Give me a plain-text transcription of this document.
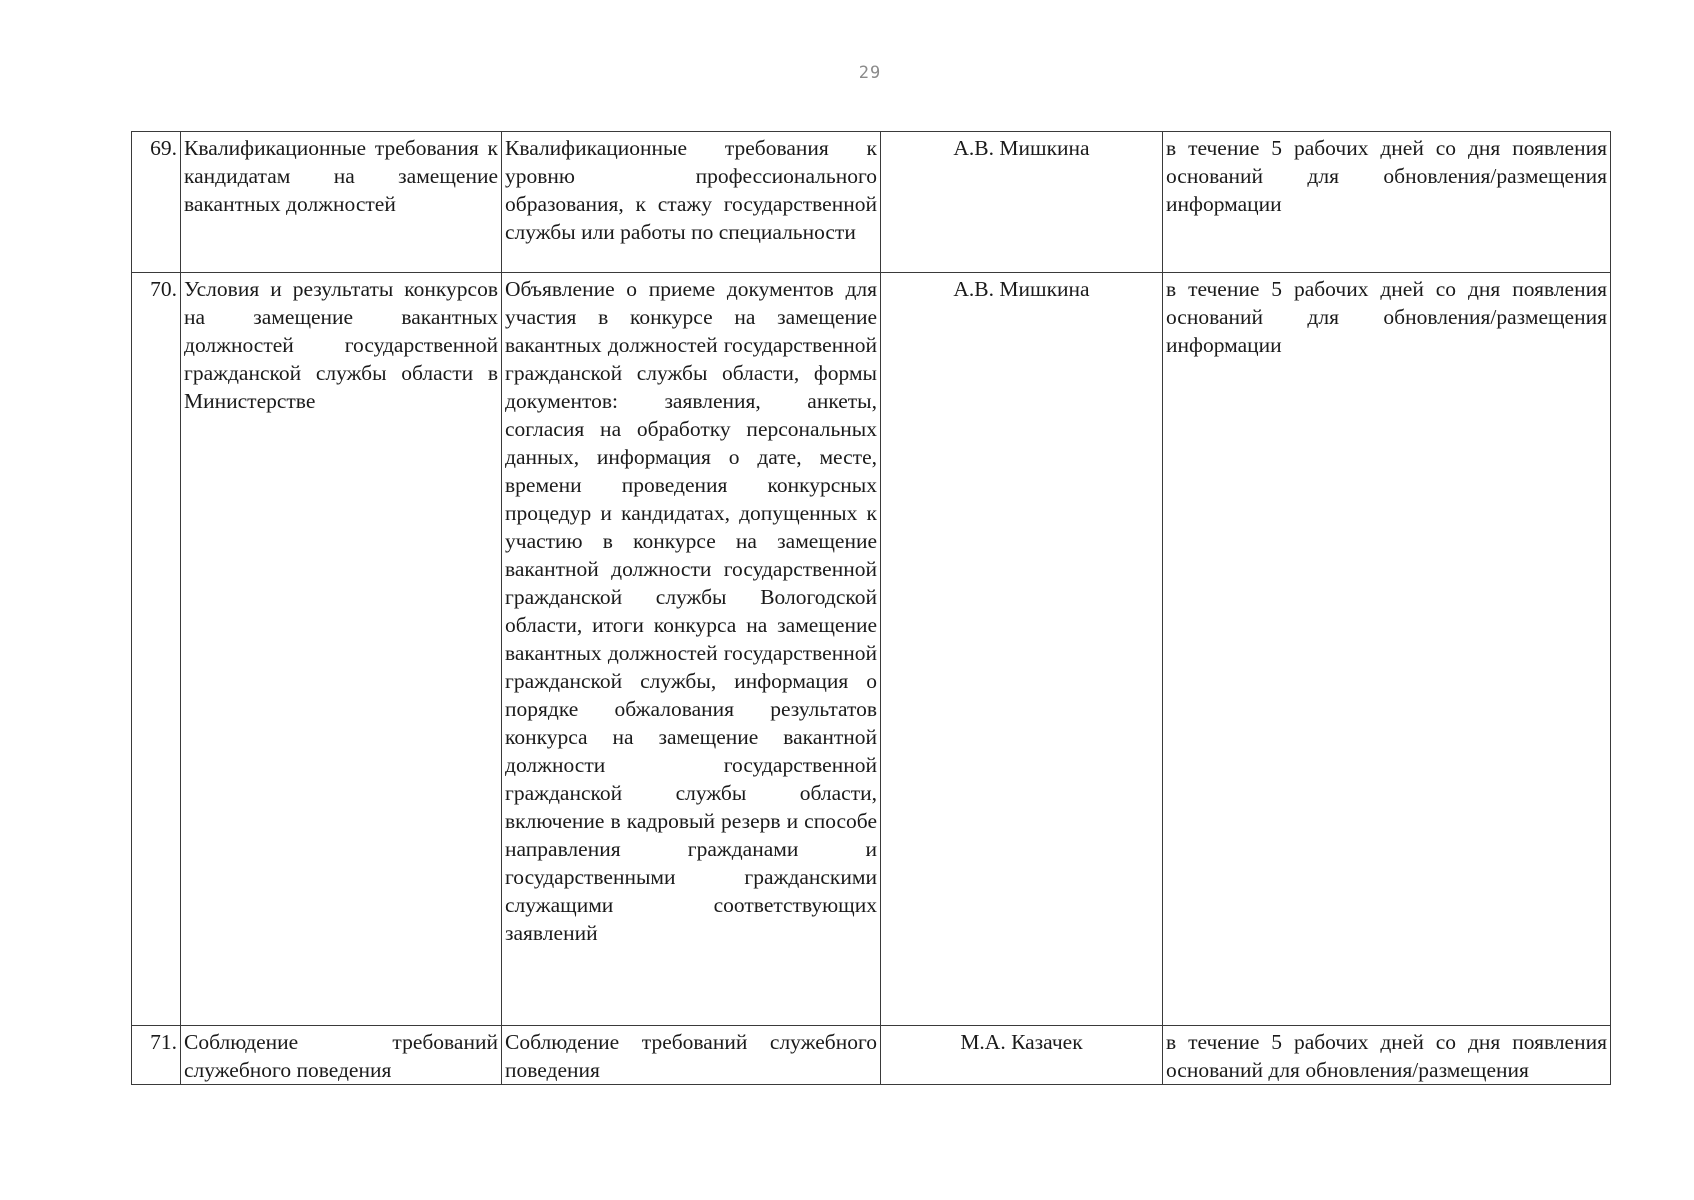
29
69.	Квалификационные требования к кандидатам на замещение вакантных должностей	Квалификационные требования к уровню профессионального образования, к стажу государственной службы или работы по специальности	А.В. Мишкина	в течение 5 рабочих дней со дня появления оснований для обновления/размещения информации
70.	Условия и результаты конкурсов на замещение вакантных должностей государственной гражданской службы области в Министерстве	Объявление о приеме документов для участия в конкурсе на замещение вакантных должностей государственной гражданской службы области, формы документов: заявления, анкеты, согласия на обработку персональных данных, информация о дате, месте, времени проведения конкурсных процедур и кандидатах, допущенных к участию в конкурсе на замещение вакантной должности государственной гражданской службы Вологодской области, итоги конкурса на замещение вакантных должностей государственной гражданской службы, информация о порядке обжалования результатов конкурса на замещение вакантной должности государственной гражданской службы области, включение в кадровый резерв и способе направления гражданами и государственными гражданскими служащими соответствующих заявлений	А.В. Мишкина	в течение 5 рабочих дней со дня появления оснований для обновления/размещения информации
71.	Соблюдение требований служебного поведения	Соблюдение требований служебного поведения	М.А. Казачек	в течение 5 рабочих дней со дня появления оснований для обновления/размещения
